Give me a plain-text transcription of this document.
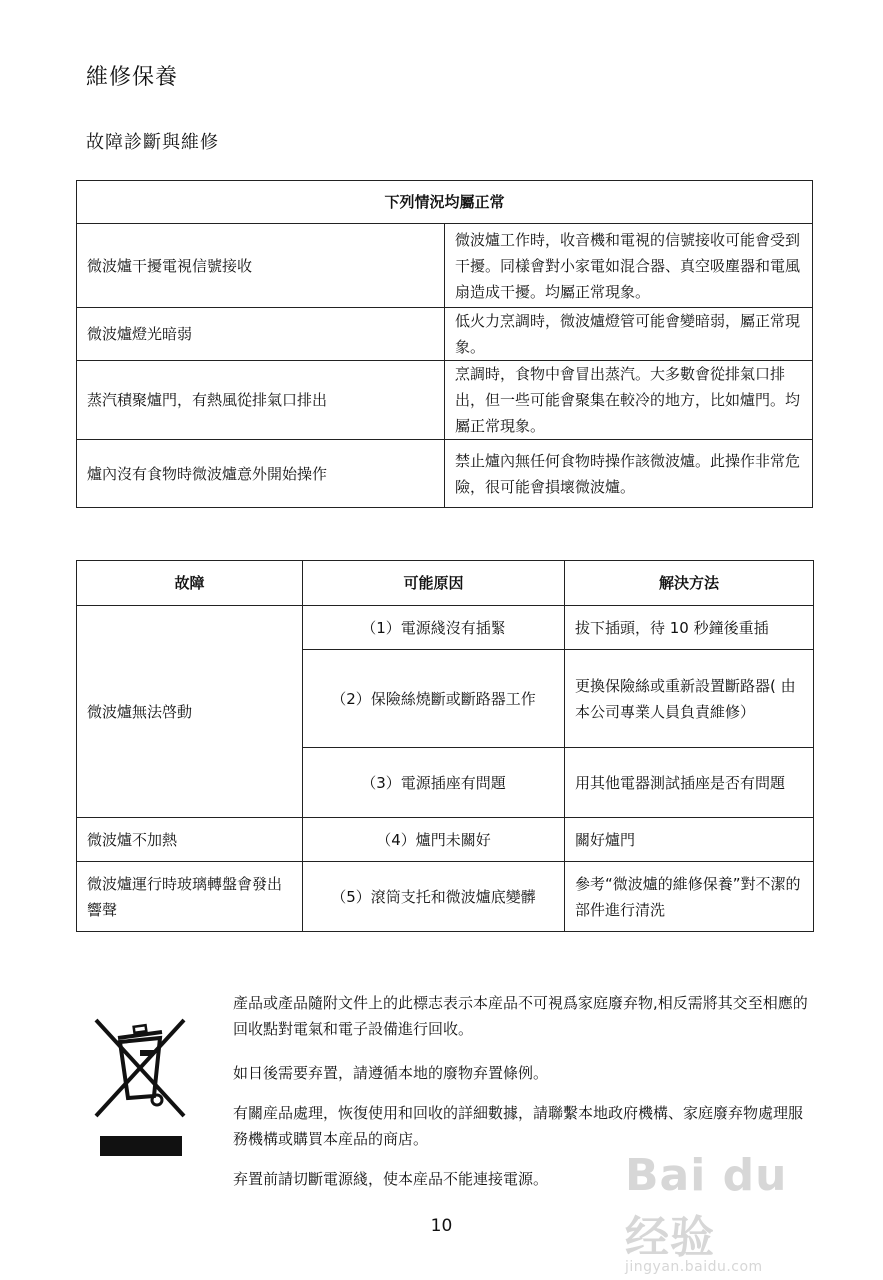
維修保養
故障診斷與維修
下列情況均屬正常	
微波爐干擾電視信號接收	微波爐工作時，收音機和電視的信號接收可能會受到干擾。同樣會對小家電如混合器、真空吸塵器和電風扇造成干擾。均屬正常現象。
微波爐燈光暗弱	低火力烹調時，微波爐燈管可能會變暗弱，屬正常現象。
蒸汽積聚爐門，有熱風從排氣口排出	烹調時，食物中會冒出蒸汽。大多數會從排氣口排出，但一些可能會聚集在較冷的地方，比如爐門。均屬正常現象。
爐內沒有食物時微波爐意外開始操作	禁止爐內無任何食物時操作該微波爐。此操作非常危險，很可能會損壞微波爐。
故障	可能原因	解決方法
微波爐無法啓動	（1）電源綫沒有插緊	拔下插頭，待 10 秒鐘後重插
	（2）保險絲燒斷或斷路器工作	更換保險絲或重新設置斷路器( 由本公司專業人員負責維修）
	（3）電源插座有問題	用其他電器測試插座是否有問題
微波爐不加熱	（4）爐門未關好	關好爐門
微波爐運行時玻璃轉盤會發出響聲	（5）滾筒支托和微波爐底變髒	參考“微波爐的維修保養”對不潔的部件進行清洗
產品或產品隨附文件上的此標志表示本産品不可視爲家庭廢弃物,相反需將其交至相應的回收點對電氣和電子設備進行回收。
如日後需要弃置，請遵循本地的廢物弃置條例。
有關産品處理，恢復使用和回收的詳細數據，請聯繫本地政府機構、家庭廢弃物處理服務機構或購買本産品的商店。
弃置前請切斷電源綫，使本産品不能連接電源。
10
Bai du 经验
jingyan.baidu.com
